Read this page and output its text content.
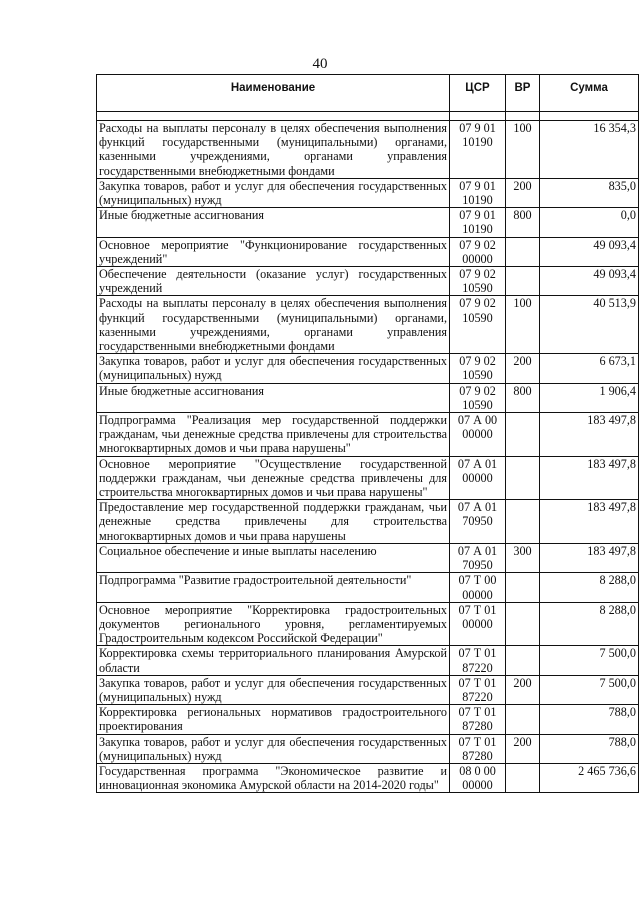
40
Наименование	ЦСР	ВР	Сумма

Расходы на выплаты персоналу в целях обеспечения выполнения функций государственными (муниципальными) органами, казенными учреждениями, органами управления государственными внебюджетными фондами	07 9 01 10190	100	16 354,3
Закупка товаров, работ и услуг для обеспечения государственных (муниципальных) нужд	07 9 01 10190	200	835,0
Иные бюджетные ассигнования	07 9 01 10190	800	0,0
Основное мероприятие "Функционирование государственных учреждений"	07 9 02 00000		49 093,4
Обеспечение деятельности (оказание услуг) государственных учреждений	07 9 02 10590		49 093,4
Расходы на выплаты персоналу в целях обеспечения выполнения функций государственными (муниципальными) органами, казенными учреждениями, органами управления государственными внебюджетными фондами	07 9 02 10590	100	40 513,9
Закупка товаров, работ и услуг для обеспечения государственных (муниципальных) нужд	07 9 02 10590	200	6 673,1
Иные бюджетные ассигнования	07 9 02 10590	800	1 906,4
Подпрограмма "Реализация мер государственной поддержки гражданам, чьи денежные средства привлечены для строительства многоквартирных домов и чьи права нарушены"	07 А 00 00000		183 497,8
Основное мероприятие "Осуществление государственной поддержки гражданам, чьи денежные средства привлечены для строительства многоквартирных домов и чьи права нарушены"	07 А 01 00000		183 497,8
Предоставление мер государственной поддержки гражданам, чьи денежные средства привлечены для строительства многоквартирных домов и чьи права нарушены	07 А 01 70950		183 497,8
Социальное обеспечение и иные выплаты населению	07 А 01 70950	300	183 497,8
Подпрограмма "Развитие градостроительной деятельности"	07 Т 00 00000		8 288,0
Основное мероприятие "Корректировка градостроительных документов регионального уровня, регламентируемых Градостроительным кодексом Российской Федерации"	07 Т 01 00000		8 288,0
Корректировка схемы территориального планирования Амурской области	07 Т 01 87220		7 500,0
Закупка товаров, работ и услуг для обеспечения государственных (муниципальных) нужд	07 Т 01 87220	200	7 500,0
Корректировка региональных нормативов градостроительного проектирования	07 Т 01 87280		788,0
Закупка товаров, работ и услуг для обеспечения государственных (муниципальных) нужд	07 Т 01 87280	200	788,0
Государственная программа "Экономическое развитие и инновационная экономика Амурской области на 2014-2020 годы"	08 0 00 00000		2 465 736,6
